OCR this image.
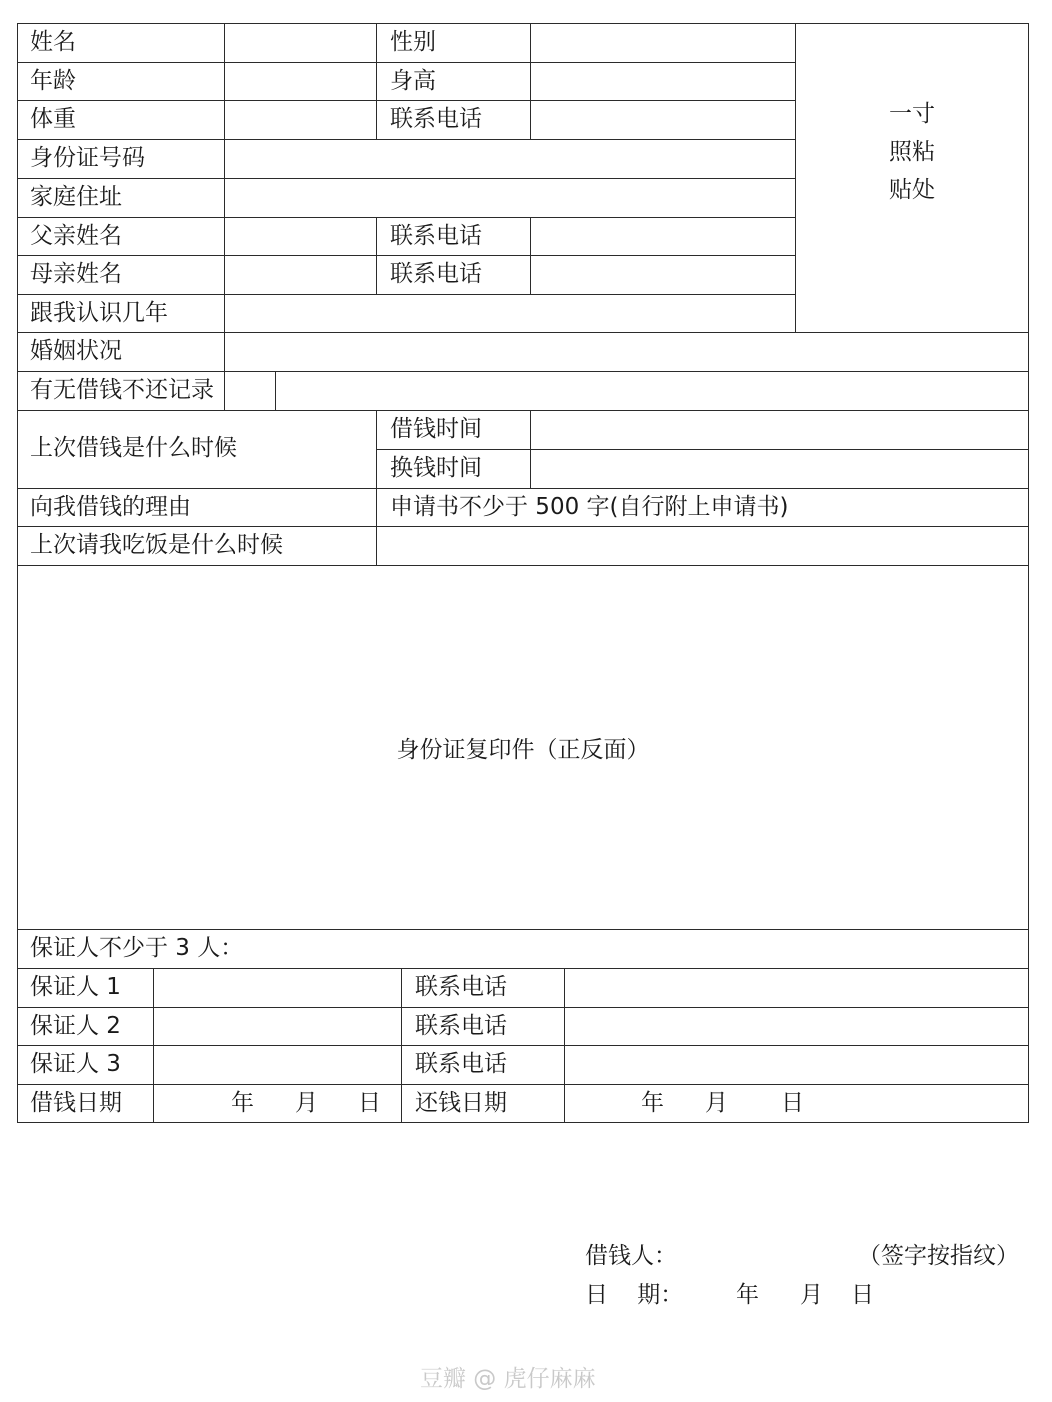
姓名	性别
年龄	身高
体重	联系电话
身份证号码
家庭住址
父亲姓名	联系电话
母亲姓名	联系电话
跟我认识几年
婚姻状况
有无借钱不还记录
上次借钱是什么时候
借钱时间
换钱时间
向我借钱的理由	申请书不少于 500 字(自行附上申请书)
上次请我吃饭是什么时候
一寸照粘贴处
身份证复印件（正反面）
保证人不少于 3 人：
保证人 1	联系电话
保证人 2	联系电话
保证人 3	联系电话
借钱日期	年 月 日	还钱日期	年 月 日
借钱人：	（签字按指纹）
日    期： 年 月 日
豆瓣 @ 虎仔麻麻
